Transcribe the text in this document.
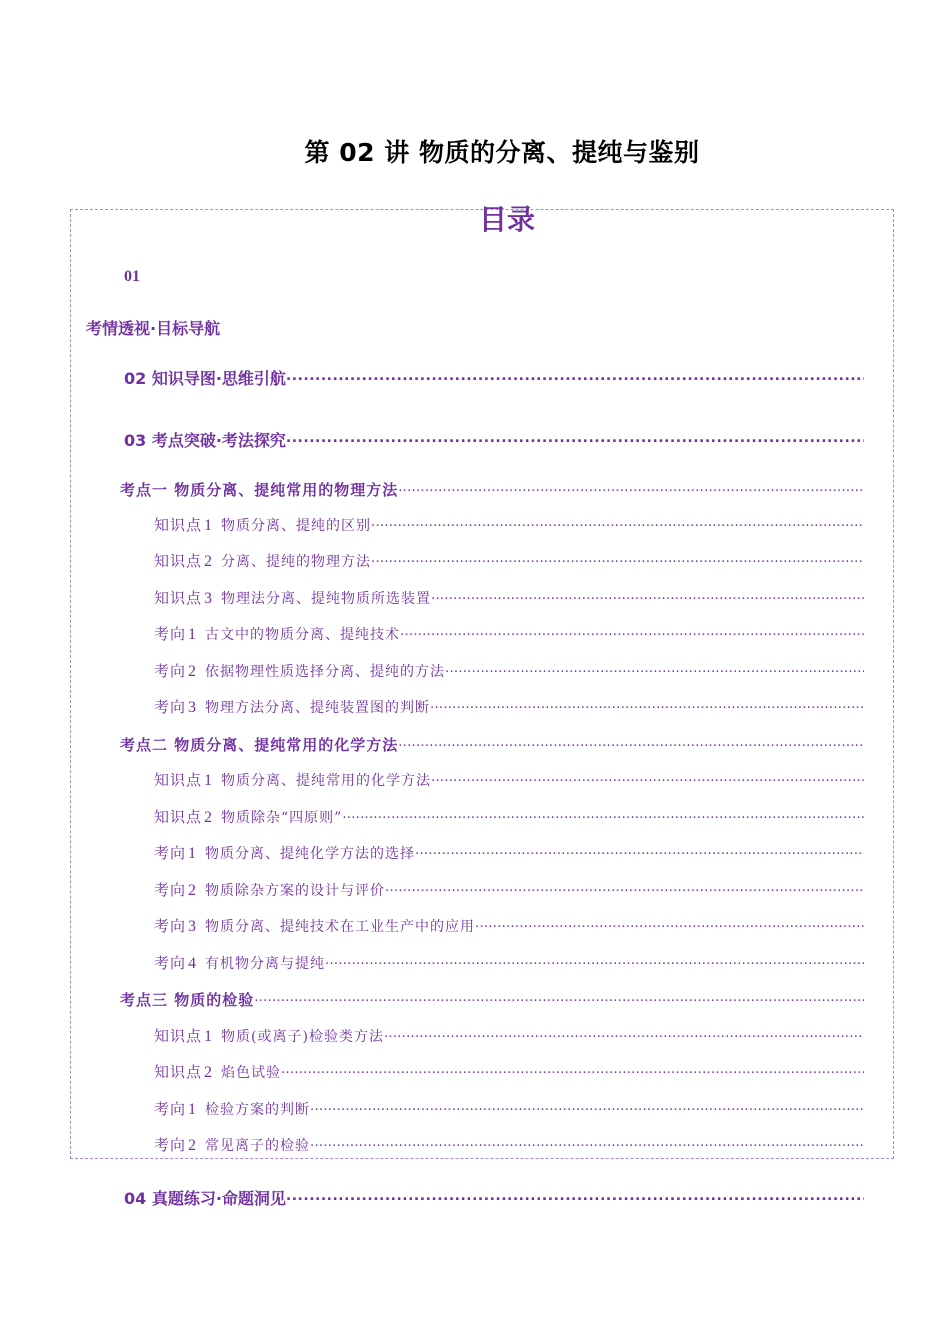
第 02 讲 物质的分离、提纯与鉴别
目录
01
考情透视·目标导航
02 知识导图·思维引航
.....
03 考点突破·考法探究
.....
考点一 物质分离、提纯常用的物理方法
.....
知识点 1 物质分离、提纯的区别
.....
知识点 2 分离、提纯的物理方法
.....
知识点 3 物理法分离、提纯物质所选装置
.....
考向 1 古文中的物质分离、提纯技术
.....
考向 2 依据物理性质选择分离、提纯的方法
.....
考向 3 物理方法分离、提纯装置图的判断
.....
考点二 物质分离、提纯常用的化学方法
.....
知识点 1 物质分离、提纯常用的化学方法
.....
知识点 2 物质除杂“四原则”
.....
考向 1 物质分离、提纯化学方法的选择
.....
考向 2 物质除杂方案的设计与评价
.....
考向 3 物质分离、提纯技术在工业生产中的应用
.....
考向 4 有机物分离与提纯
.....
考点三 物质的检验
.....
知识点 1 物质(或离子)检验类方法
.....
知识点 2 焰色试验
.....
考向 1 检验方案的判断
.....
考向 2 常见离子的检验
.....
04 真题练习·命题洞见
.....
